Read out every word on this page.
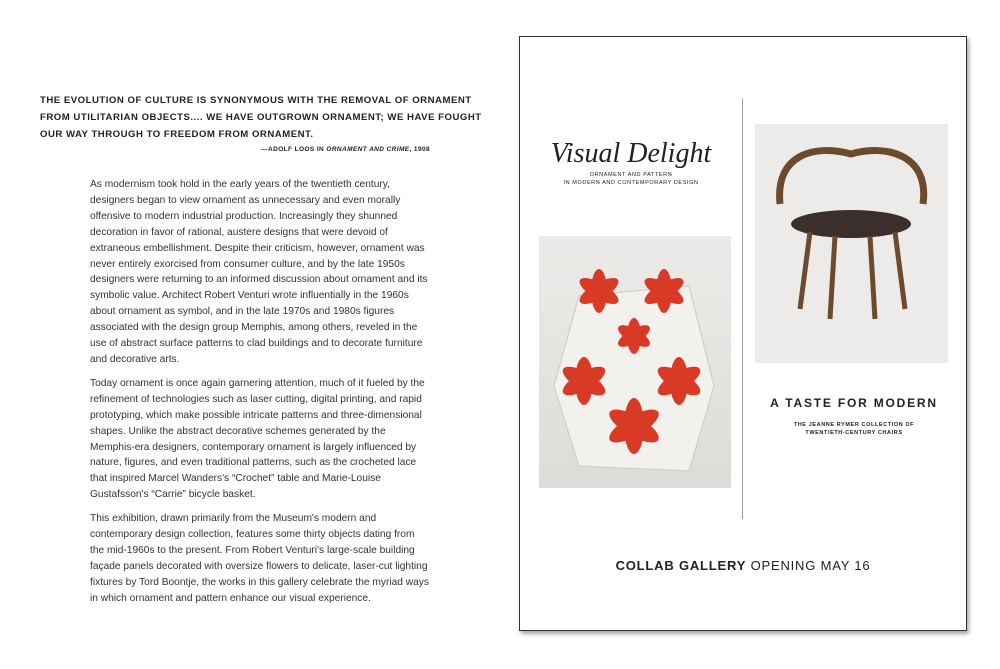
THE EVOLUTION OF CULTURE IS SYNONYMOUS WITH THE REMOVAL OF ORNAMENT FROM UTILITARIAN OBJECTS.... WE HAVE OUTGROWN ORNAMENT; WE HAVE FOUGHT OUR WAY THROUGH TO FREEDOM FROM ORNAMENT.
—ADOLF LOOS IN ORNAMENT AND CRIME, 1908

As modernism took hold in the early years of the twentieth century, designers began to view ornament as unnecessary and even morally offensive to modern industrial production. Increasingly they shunned decoration in favor of rational, austere designs that were devoid of extraneous embellishment. Despite their criticism, however, ornament was never entirely exorcised from consumer culture, and by the late 1950s designers were returning to an informed discussion about ornament and its symbolic value. Architect Robert Venturi wrote influentially in the 1960s about ornament as symbol, and in the late 1970s and 1980s figures associated with the design group Memphis, among others, reveled in the use of abstract surface patterns to clad buildings and to decorate furniture and decorative arts.

Today ornament is once again garnering attention, much of it fueled by the refinement of technologies such as laser cutting, digital printing, and rapid prototyping, which make possible intricate patterns and three-dimensional shapes. Unlike the abstract decorative schemes generated by the Memphis-era designers, contemporary ornament is largely influenced by nature, figures, and even traditional patterns, such as the crocheted lace that inspired Marcel Wanders's “Crochet” table and Marie-Louise Gustafsson's “Carrie” bicycle basket.

This exhibition, drawn primarily from the Museum's modern and contemporary design collection, features some thirty objects dating from the mid-1960s to the present. From Robert Venturi's large-scale building façade panels decorated with oversize flowers to delicate, laser-cut lighting fixtures by Tord Boontje, the works in this gallery celebrate the myriad ways in which ornament and pattern enhance our visual experience.

Visual Delight
ORNAMENT AND PATTERN
IN MODERN AND CONTEMPORARY DESIGN
A TASTE FOR MODERN
THE JEANNE RYMER COLLECTION OF
TWENTIETH-CENTURY CHAIRS
COLLAB GALLERY OPENING MAY 16
